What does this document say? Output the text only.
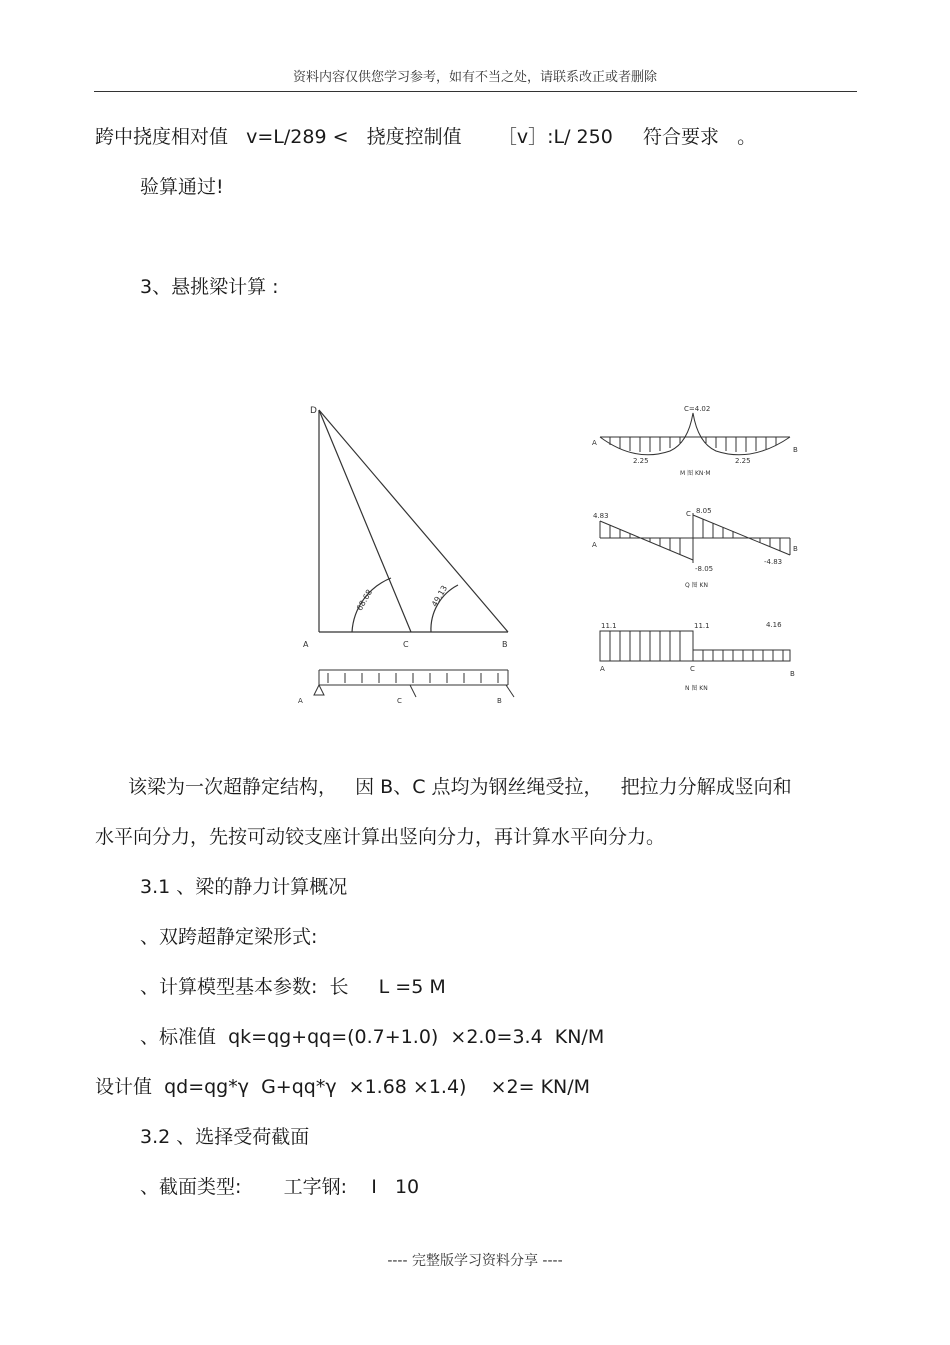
资料内容仅供您学习参考，如有不当之处，请联系改正或者删除
跨中挠度相对值   v=L/289 <   挠度控制值      ［v］:L/ 250     符合要求   。
验算通过!
3、悬挑梁计算 :
D
68.68	49.13
A	C	B
A	C	B
C=4.02
A
B
2.25	2.25
M 图 KN·M
4.83	C 8.05
A	B
-8.05
-4.83
Q 图 KN
11.1	11.1	4.16
A	C
B
N 图 KN
该梁为一次超静定结构，   因 B、C 点均为钢丝绳受拉，   把拉力分解成竖向和
水平向分力，先按可动铰支座计算出竖向分力，再计算水平向分力。
3.1 、梁的静力计算概况
、双跨超静定梁形式:
、计算模型基本参数:  长     L =5 M
、标准值  qk=qg+qq=(0.7+1.0)  ×2.0=3.4  KN/M
设计值  qd=qg*γ  G+qq*γ  ×1.68 ×1.4)    ×2= KN/M
3.2 、选择受荷截面
、截面类型:       工字钢:    Ⅰ   10
---- 完整版学习资料分享 ----
